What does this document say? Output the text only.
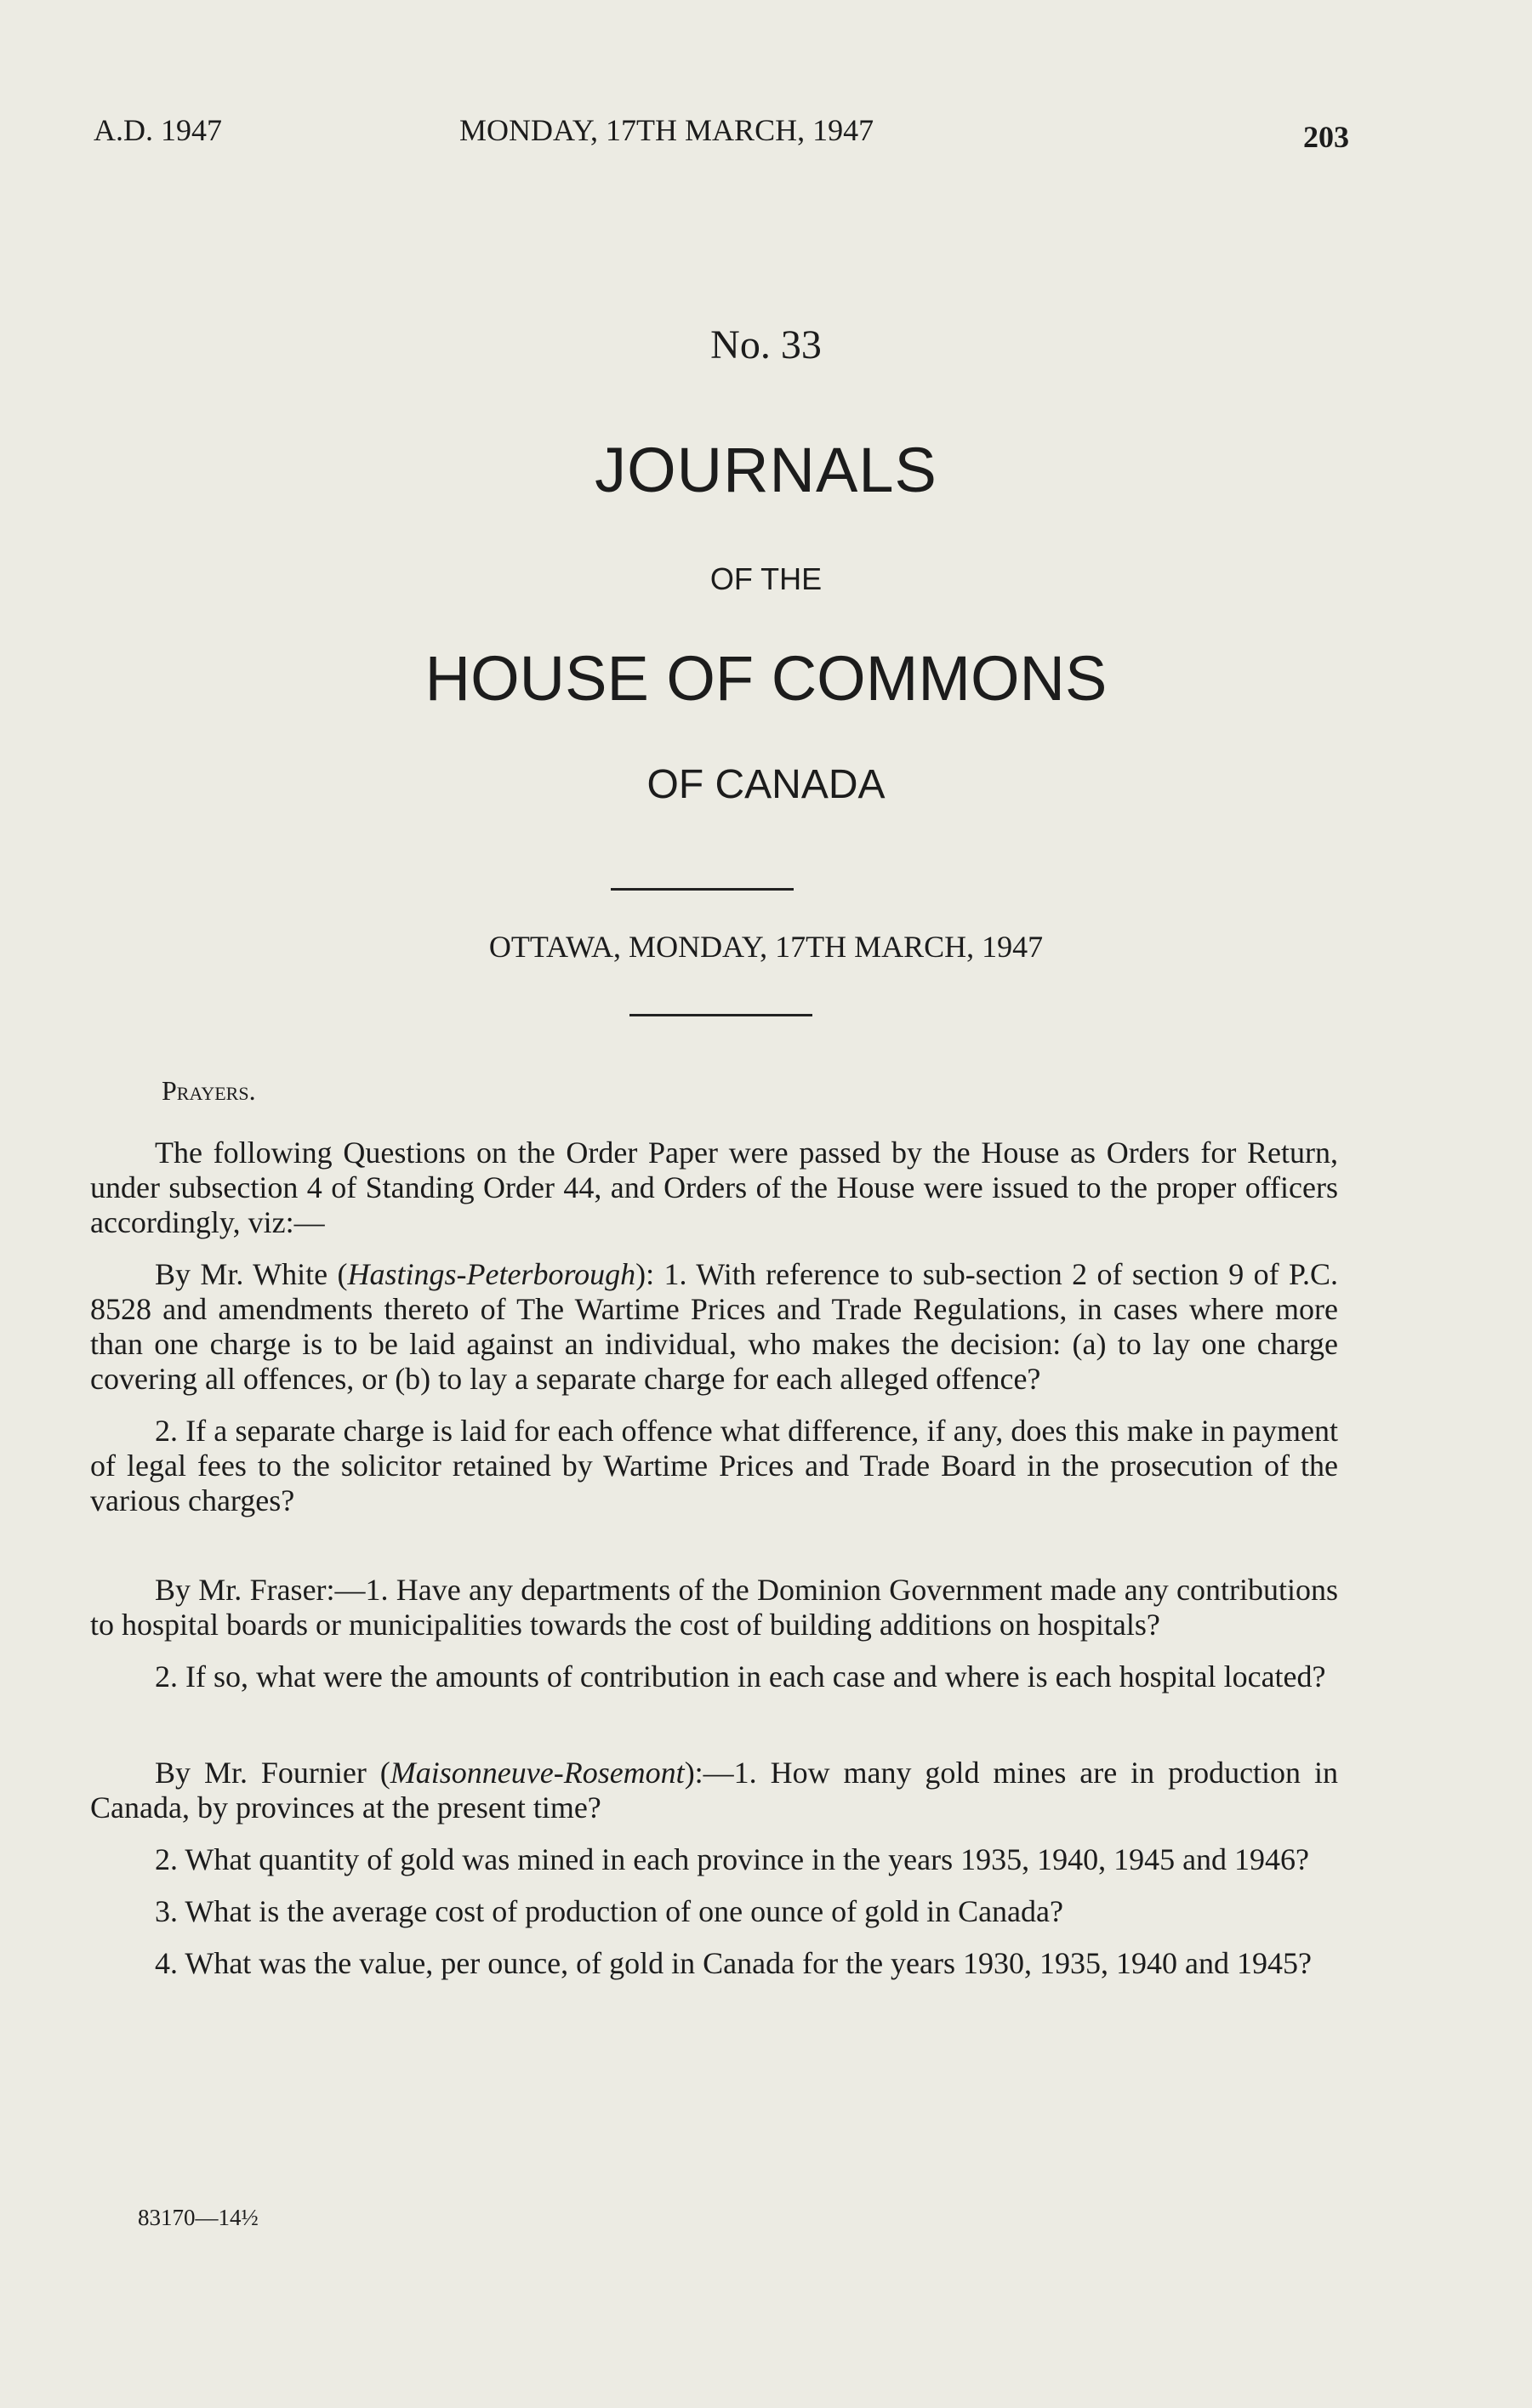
A.D. 1947	MONDAY, 17TH MARCH, 1947	203
No. 33
JOURNALS
OF THE
HOUSE OF COMMONS
OF CANADA
OTTAWA, MONDAY, 17TH MARCH, 1947
Prayers.

The following Questions on the Order Paper were passed by the House as Orders for Return, under subsection 4 of Standing Order 44, and Orders of the House were issued to the proper officers accordingly, viz:—

By Mr. White (Hastings-Peterborough): 1. With reference to sub-section 2 of section 9 of P.C. 8528 and amendments thereto of The Wartime Prices and Trade Regulations, in cases where more than one charge is to be laid against an individual, who makes the decision: (a) to lay one charge covering all offences, or (b) to lay a separate charge for each alleged offence?

2. If a separate charge is laid for each offence what difference, if any, does this make in payment of legal fees to the solicitor retained by Wartime Prices and Trade Board in the prosecution of the various charges?

By Mr. Fraser:—1. Have any departments of the Dominion Government made any contributions to hospital boards or municipalities towards the cost of building additions on hospitals?

2. If so, what were the amounts of contribution in each case and where is each hospital located?

By Mr. Fournier (Maisonneuve-Rosemont):—1. How many gold mines are in production in Canada, by provinces at the present time?

2. What quantity of gold was mined in each province in the years 1935, 1940, 1945 and 1946?

3. What is the average cost of production of one ounce of gold in Canada?

4. What was the value, per ounce, of gold in Canada for the years 1930, 1935, 1940 and 1945?

83170—14½
